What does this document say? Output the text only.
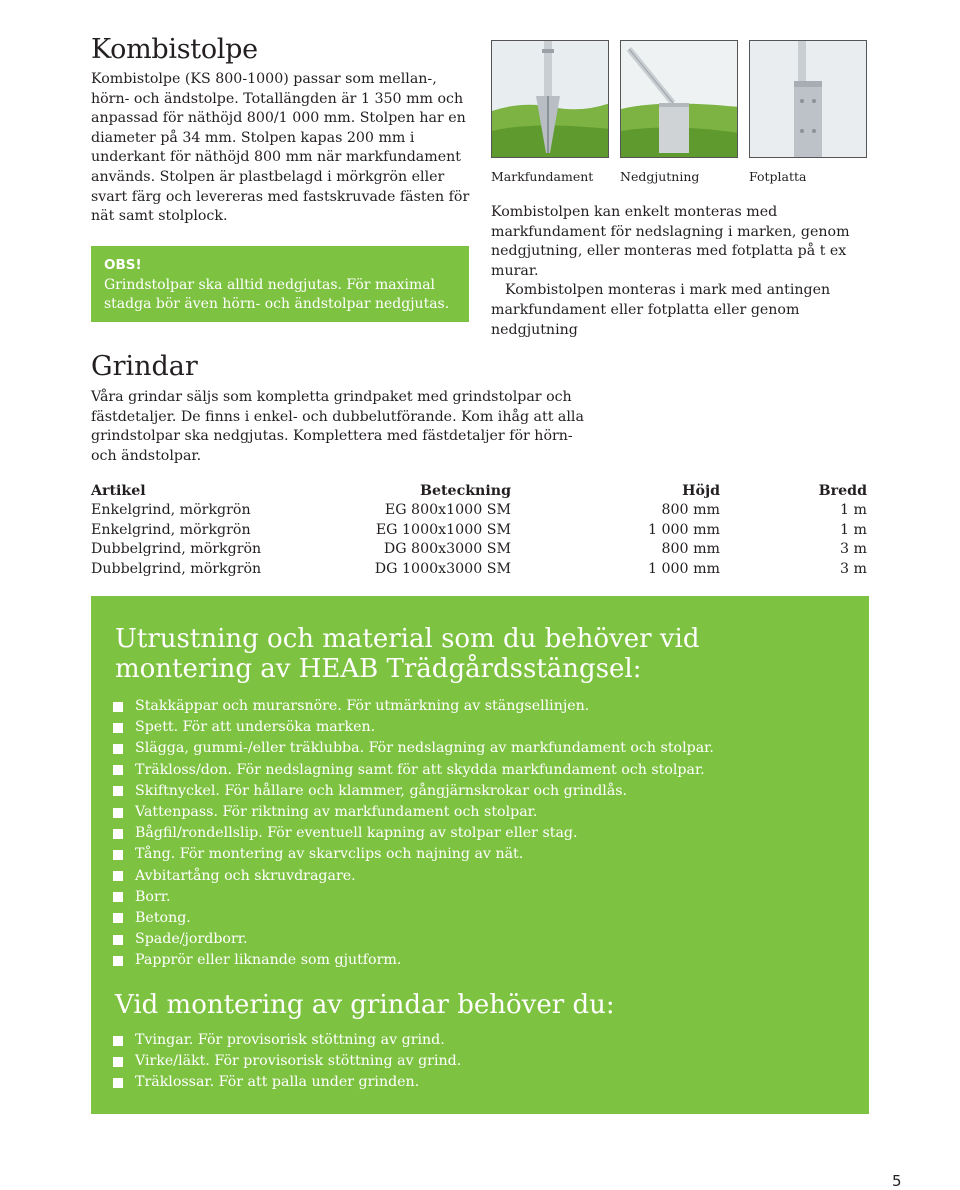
Kombistolpe
Kombistolpe (KS 800-1000) passar som mellan-, hörn- och ändstolpe. Totallängden är 1 350 mm och anpassad för näthöjd 800/1 000 mm. Stolpen har en diameter på 34 mm. Stolpen kapas 200 mm i underkant för näthöjd 800 mm när markfundament används. Stolpen är plastbelagd i mörkgrön eller svart färg och levereras med fastskruvade fästen för nät samt stolplock.
OBS!
Grindstolpar ska alltid nedgjutas. För maximal stadga bör även hörn- och ändstolpar nedgjutas.
Markfundament Nedgjutning	Fotplatta

Kombistolpen kan enkelt monteras med markfundament för nedslagning i marken, genom nedgjutning, eller monteras med fotplatta på t ex murar.

Kombistolpen monteras i mark med antingen markfundament eller fotplatta eller genom nedgjutning

Grindar
Våra grindar säljs som kompletta grindpaket med grindstolpar och fästdetaljer. De finns i enkel- och dubbelutförande. Kom ihåg att alla grindstolpar ska nedgjutas. Komplettera med fästdetaljer för hörn- och ändstolpar.
Artikel	Beteckning	Höjd	Bredd
Enkelgrind, mörkgrön	EG 800x1000 SM	800 mm	1 m
Enkelgrind, mörkgrön	EG 1000x1000 SM	1 000 mm	1 m
Dubbelgrind, mörkgrön	DG 800x3000 SM	800 mm	3 m
Dubbelgrind, mörkgrön	DG 1000x3000 SM	1 000 mm	3 m
Utrustning och material som du behöver vid montering av HEAB Trädgårdsstängsel:
Stakkäppar och murarsnöre. För utmärkning av stängsellinjen.
Spett. För att undersöka marken.
Slägga, gummi-/eller träklubba. För nedslagning av markfundament och stolpar.
Träkloss/don. För nedslagning samt för att skydda markfundament och stolpar.
Skiftnyckel. För hållare och klammer, gångjärnskrokar och grindlås.
Vattenpass. För riktning av markfundament och stolpar.
Bågfil/rondellslip. För eventuell kapning av stolpar eller stag.
Tång. För montering av skarvclips och najning av nät.
Avbitartång och skruvdragare.
Borr.
Betong.
Spade/jordborr.
Papprör eller liknande som gjutform.
Vid montering av grindar behöver du:
Tvingar. För provisorisk stöttning av grind.
Virke/läkt. För provisorisk stöttning av grind.
Träklossar. För att palla under grinden.
5
